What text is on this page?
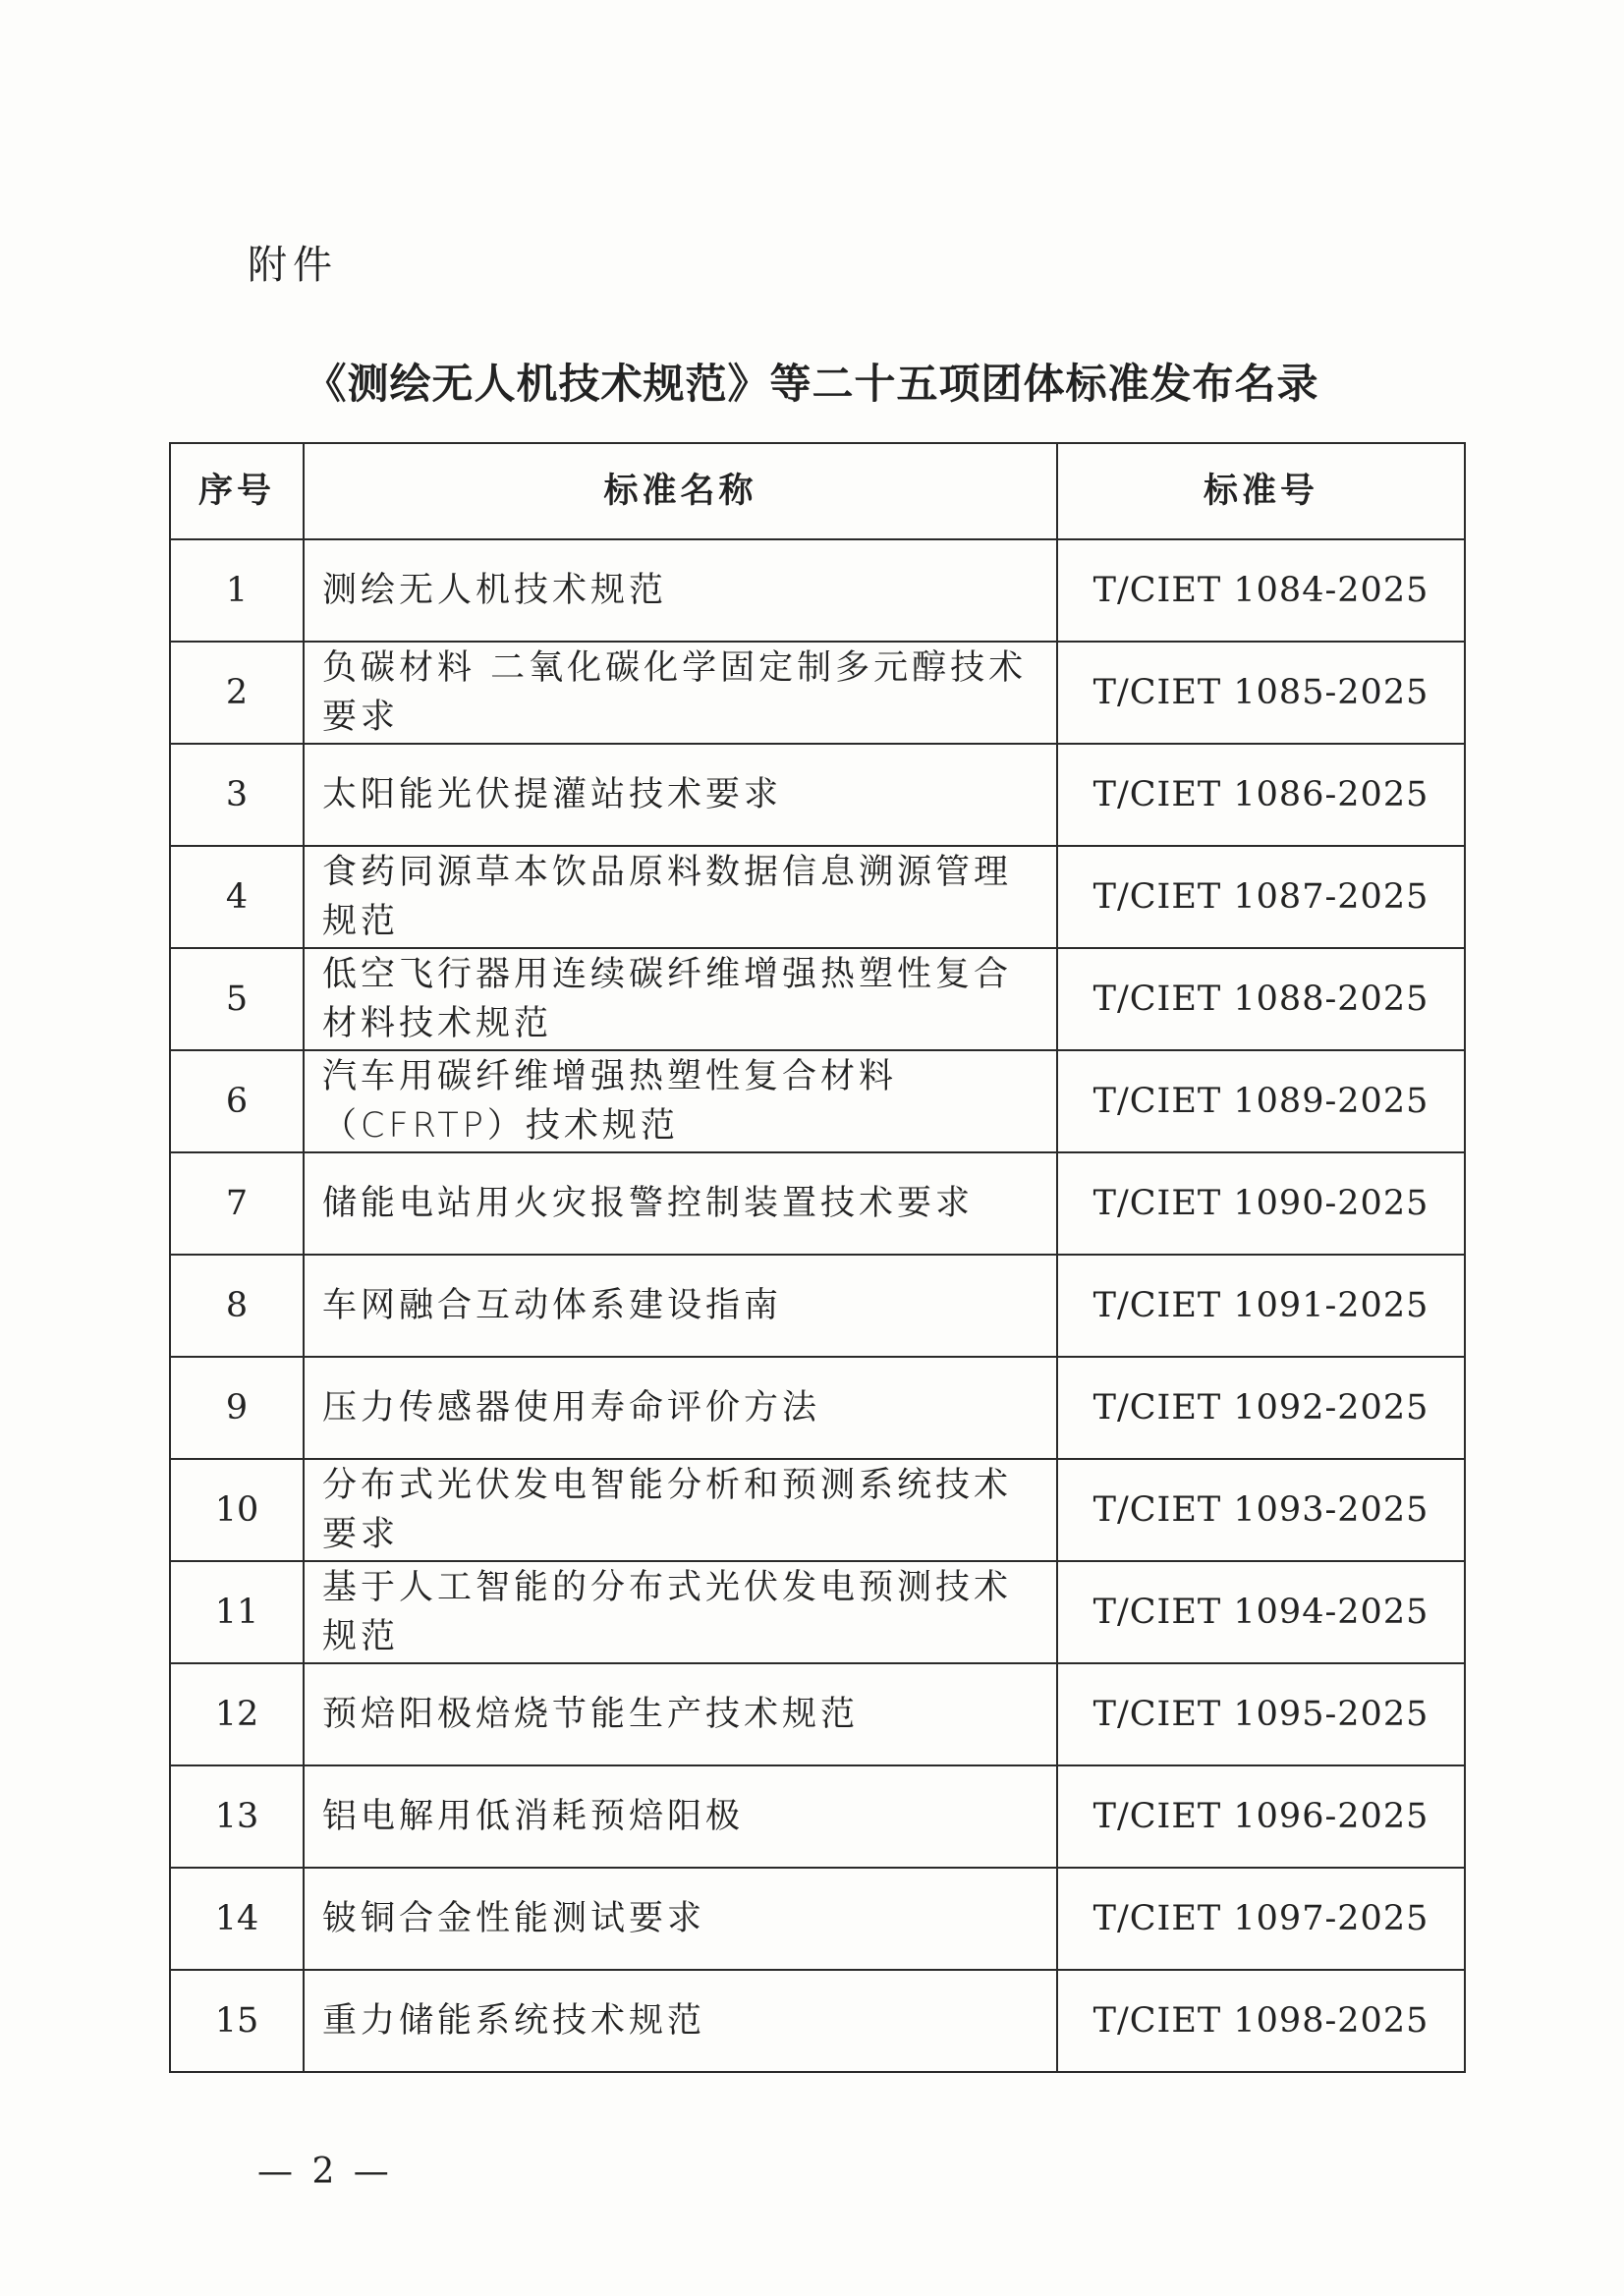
附件
《测绘无人机技术规范》等二十五项团体标准发布名录
序号	标准名称	标准号
1	测绘无人机技术规范	T/CIET 1084-2025
2	负碳材料 二氧化碳化学固定制多元醇技术要求	T/CIET 1085-2025
3	太阳能光伏提灌站技术要求	T/CIET 1086-2025
4	食药同源草本饮品原料数据信息溯源管理规范	T/CIET 1087-2025
5	低空飞行器用连续碳纤维增强热塑性复合材料技术规范	T/CIET 1088-2025
6	汽车用碳纤维增强热塑性复合材料（CFRTP）技术规范	T/CIET 1089-2025
7	储能电站用火灾报警控制装置技术要求	T/CIET 1090-2025
8	车网融合互动体系建设指南	T/CIET 1091-2025
9	压力传感器使用寿命评价方法	T/CIET 1092-2025
10	分布式光伏发电智能分析和预测系统技术要求	T/CIET 1093-2025
11	基于人工智能的分布式光伏发电预测技术规范	T/CIET 1094-2025
12	预焙阳极焙烧节能生产技术规范	T/CIET 1095-2025
13	铝电解用低消耗预焙阳极	T/CIET 1096-2025
14	铍铜合金性能测试要求	T/CIET 1097-2025
15	重力储能系统技术规范	T/CIET 1098-2025
— 2 —
